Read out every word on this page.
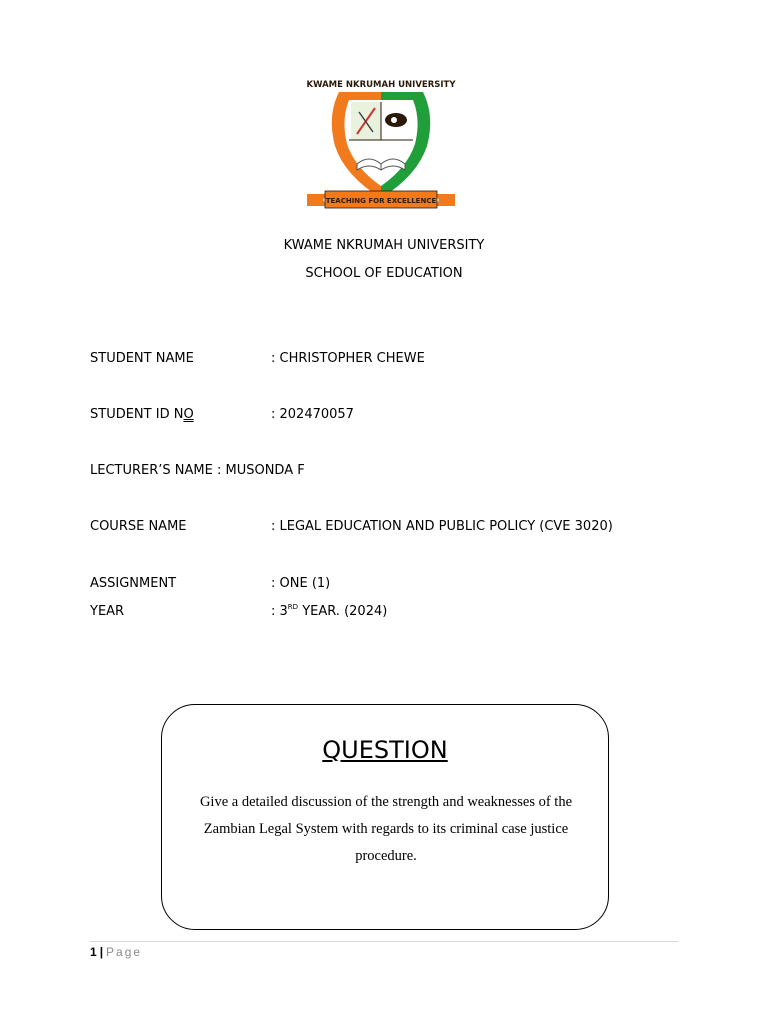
KWAME NKRUMAH UNIVERSITY
TEACHING FOR EXCELLENCE
KWAME NKRUMAH UNIVERSITY
SCHOOL OF EDUCATION
STUDENT NAME	: CHRISTOPHER CHEWE
STUDENT ID NO	: 202470057
LECTURER’S NAME : MUSONDA F
COURSE NAME	: LEGAL EDUCATION AND PUBLIC POLICY (CVE 3020)
ASSIGNMENT	: ONE (1)
YEAR	: 3RD YEAR. (2024)
QUESTION
Give a detailed discussion of the strength and weaknesses of the Zambian Legal System with regards to its criminal case justice procedure.
1 | Page
